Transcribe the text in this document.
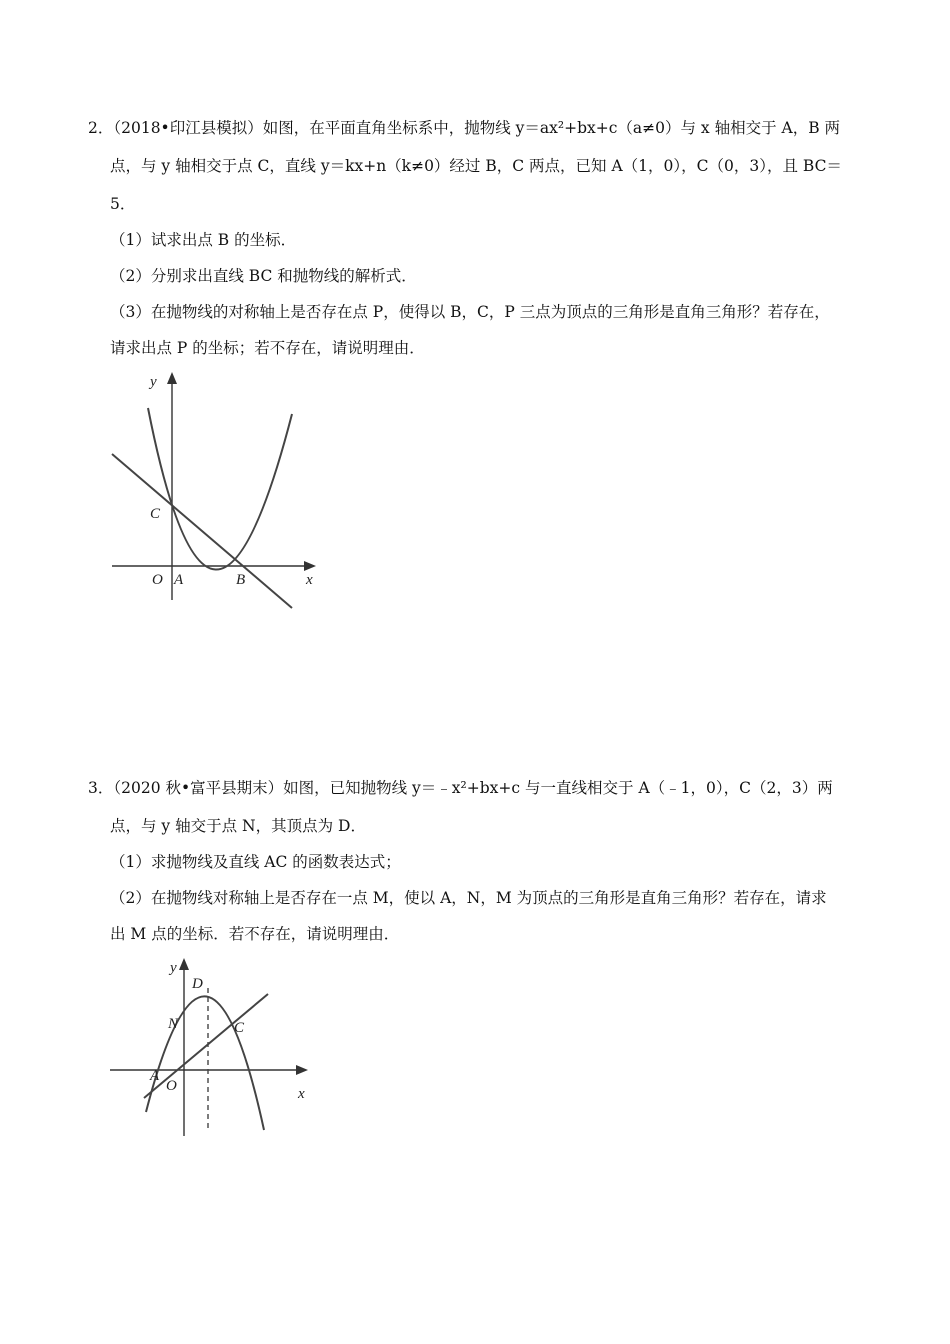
2．（2018•印江县模拟）如图，在平面直角坐标系中，抛物线 y＝ax²+bx+c（a≠0）与 x 轴相交于 A，B 两
点，与 y 轴相交于点 C，直线 y＝kx+n（k≠0）经过 B，C 两点，已知 A（1，0），C（0，3），且 BC＝
5．
（1）试求出点 B 的坐标．
（2）分别求出直线 BC 和抛物线的解析式．
（3）在抛物线的对称轴上是否存在点 P，使得以 B，C，P 三点为顶点的三角形是直角三角形？若存在，
请求出点 P 的坐标；若不存在，请说明理由．
y
x
O A	B
C
3．（2020 秋•富平县期末）如图，已知抛物线 y＝﹣x²+bx+c 与一直线相交于 A（﹣1，0），C（2，3）两
点，与 y 轴交于点 N，其顶点为 D．
（1）求抛物线及直线 AC 的函数表达式；
（2）在抛物线对称轴上是否存在一点 M，使以 A，N，M 为顶点的三角形是直角三角形？若存在，请求
出 M 点的坐标．若不存在，请说明理由．
y
x
O
A
N
D
C
